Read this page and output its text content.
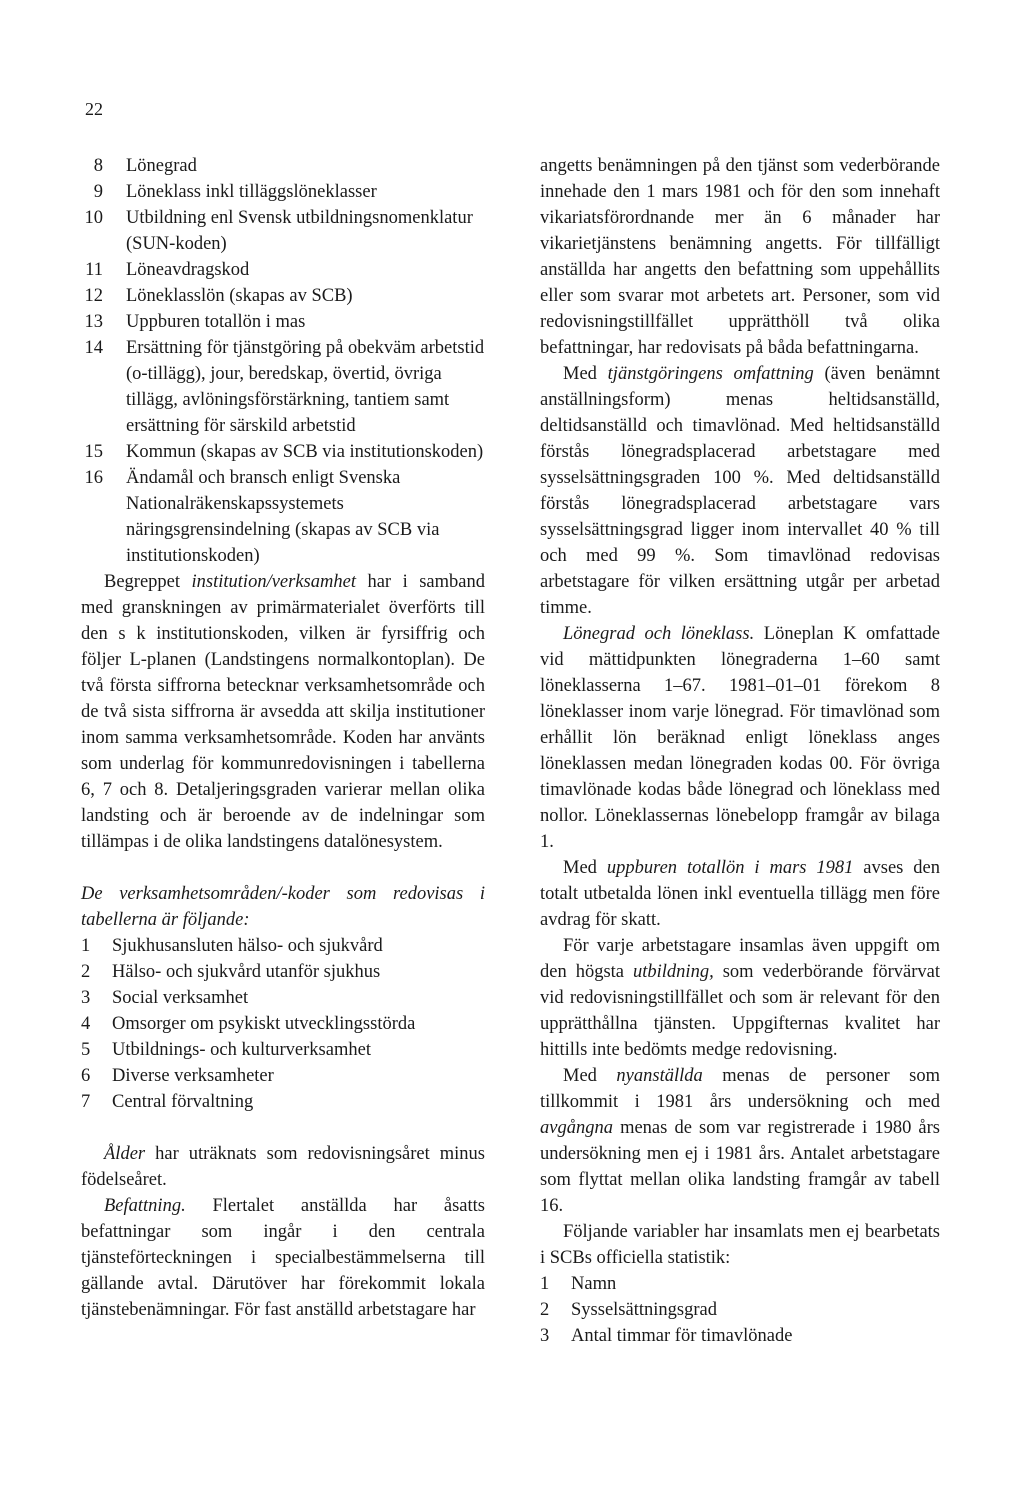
22

8 Lönegrad

9 Löneklass inkl tilläggslöneklasser

10 Utbildning enl Svensk utbildningsnomenklatur (SUN-koden)

11 Löneavdragskod

12 Löneklasslön (skapas av SCB)

13 Uppburen totallön i mas

14 Ersättning för tjänstgöring på obekväm arbetstid (o-tillägg), jour, beredskap, övertid, övriga tillägg, avlöningsförstärkning, tantiem samt ersättning för särskild arbetstid

15 Kommun (skapas av SCB via institutionskoden)

16 Ändamål och bransch enligt Svenska Nationalräkenskapssystemets näringsgrensindelning (skapas av SCB via institutionskoden)

Begreppet institution/verksamhet har i samband med granskningen av primärmaterialet överförts till den s k institutionskoden, vilken är fyrsiffrig och följer L-planen (Landstingens normalkontoplan). De två första siffrorna betecknar verksamhetsområde och de två sista siffrorna är avsedda att skilja institutioner inom samma verksamhetsområde. Koden har använts som underlag för kommunredovisningen i tabellerna 6, 7 och 8. Detaljeringsgraden varierar mellan olika landsting och är beroende av de indelningar som tillämpas i de olika landstingens datalönesystem.

De verksamhetsområden/-koder som redovisas i tabellerna är följande:

1 Sjukhusansluten hälso- och sjukvård

2 Hälso- och sjukvård utanför sjukhus

3 Social verksamhet

4 Omsorger om psykiskt utvecklingsstörda

5 Utbildnings- och kulturverksamhet

6 Diverse verksamheter

7 Central förvaltning

Ålder har uträknats som redovisningsåret minus födelseåret.

Befattning. Flertalet anställda har åsatts befattningar som ingår i den centrala tjänsteförteckningen i specialbestämmelserna till gällande avtal. Därutöver har förekommit lokala tjänstebenämningar. För fast anställd arbetstagare har

angetts benämningen på den tjänst som vederbörande innehade den 1 mars 1981 och för den som innehaft vikariatsförordnande mer än 6 månader har vikarietjänstens benämning angetts. För tillfälligt anställda har angetts den befattning som uppehållits eller som svarar mot arbetets art. Personer, som vid redovisningstillfället upprätthöll två olika befattningar, har redovisats på båda befattningarna.

Med tjänstgöringens omfattning (även benämnt anställningsform) menas heltidsanställd, deltidsanställd och timavlönad. Med heltidsanställd förstås lönegradsplacerad arbetstagare med sysselsättningsgraden 100 %. Med deltidsanställd förstås lönegradsplacerad arbetstagare vars sysselsättningsgrad ligger inom intervallet 40 % till och med 99 %. Som timavlönad redovisas arbetstagare för vilken ersättning utgår per arbetad timme.

Lönegrad och löneklass. Löneplan K omfattade vid mättidpunkten lönegraderna 1–60 samt löneklasserna 1–67. 1981–01–01 förekom 8 löneklasser inom varje lönegrad. För timavlönad som erhållit lön beräknad enligt löneklass anges löneklassen medan lönegraden kodas 00. För övriga timavlönade kodas både lönegrad och löneklass med nollor. Löneklassernas lönebelopp framgår av bilaga 1.

Med uppburen totallön i mars 1981 avses den totalt utbetalda lönen inkl eventuella tillägg men före avdrag för skatt.

För varje arbetstagare insamlas även uppgift om den högsta utbildning, som vederbörande förvärvat vid redovisningstillfället och som är relevant för den upprätthållna tjänsten. Uppgifternas kvalitet har hittills inte bedömts medge redovisning.

Med nyanställda menas de personer som tillkommit i 1981 års undersökning och med avgångna menas de som var registrerade i 1980 års undersökning men ej i 1981 års. Antalet arbetstagare som flyttat mellan olika landsting framgår av tabell 16.

Följande variabler har insamlats men ej bearbetats i SCBs officiella statistik:

1 Namn

2 Sysselsättningsgrad

3 Antal timmar för timavlönade
